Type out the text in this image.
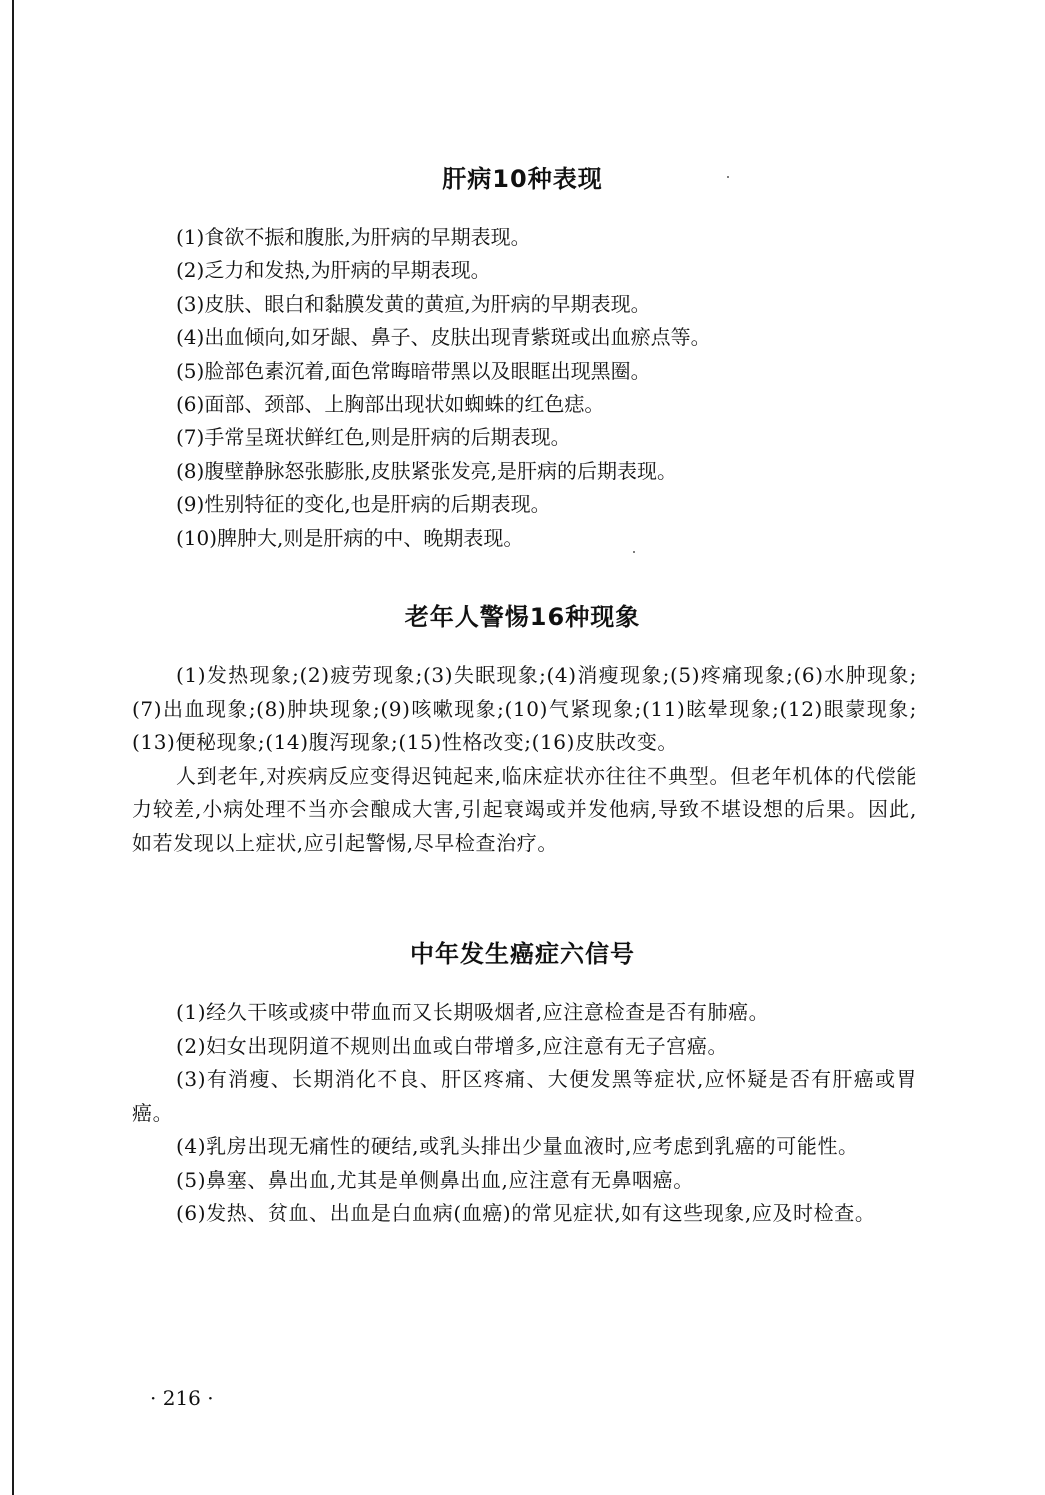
肝病10种表现
(1)食欲不振和腹胀,为肝病的早期表现。
(2)乏力和发热,为肝病的早期表现。
(3)皮肤、眼白和黏膜发黄的黄疸,为肝病的早期表现。
(4)出血倾向,如牙龈、鼻子、皮肤出现青紫斑或出血瘀点等。
(5)脸部色素沉着,面色常晦暗带黑以及眼眶出现黑圈。
(6)面部、颈部、上胸部出现状如蜘蛛的红色痣。
(7)手常呈斑状鲜红色,则是肝病的后期表现。
(8)腹壁静脉怒张膨胀,皮肤紧张发亮,是肝病的后期表现。
(9)性别特征的变化,也是肝病的后期表现。
(10)脾肿大,则是肝病的中、晚期表现。
老年人警惕16种现象

(1)发热现象;(2)疲劳现象;(3)失眠现象;(4)消瘦现象;(5)疼痛现象;(6)水肿现象;(7)出血现象;(8)肿块现象;(9)咳嗽现象;(10)气紧现象;(11)眩晕现象;(12)眼蒙现象;(13)便秘现象;(14)腹泻现象;(15)性格改变;(16)皮肤改变。

人到老年,对疾病反应变得迟钝起来,临床症状亦往往不典型。但老年机体的代偿能力较差,小病处理不当亦会酿成大害,引起衰竭或并发他病,导致不堪设想的后果。因此,如若发现以上症状,应引起警惕,尽早检查治疗。

中年发生癌症六信号

(1)经久干咳或痰中带血而又长期吸烟者,应注意检查是否有肺癌。

(2)妇女出现阴道不规则出血或白带增多,应注意有无子宫癌。

(3)有消瘦、长期消化不良、肝区疼痛、大便发黑等症状,应怀疑是否有肝癌或胃癌。

(4)乳房出现无痛性的硬结,或乳头排出少量血液时,应考虑到乳癌的可能性。

(5)鼻塞、鼻出血,尤其是单侧鼻出血,应注意有无鼻咽癌。

(6)发热、贫血、出血是白血病(血癌)的常见症状,如有这些现象,应及时检查。

· 216 ·
